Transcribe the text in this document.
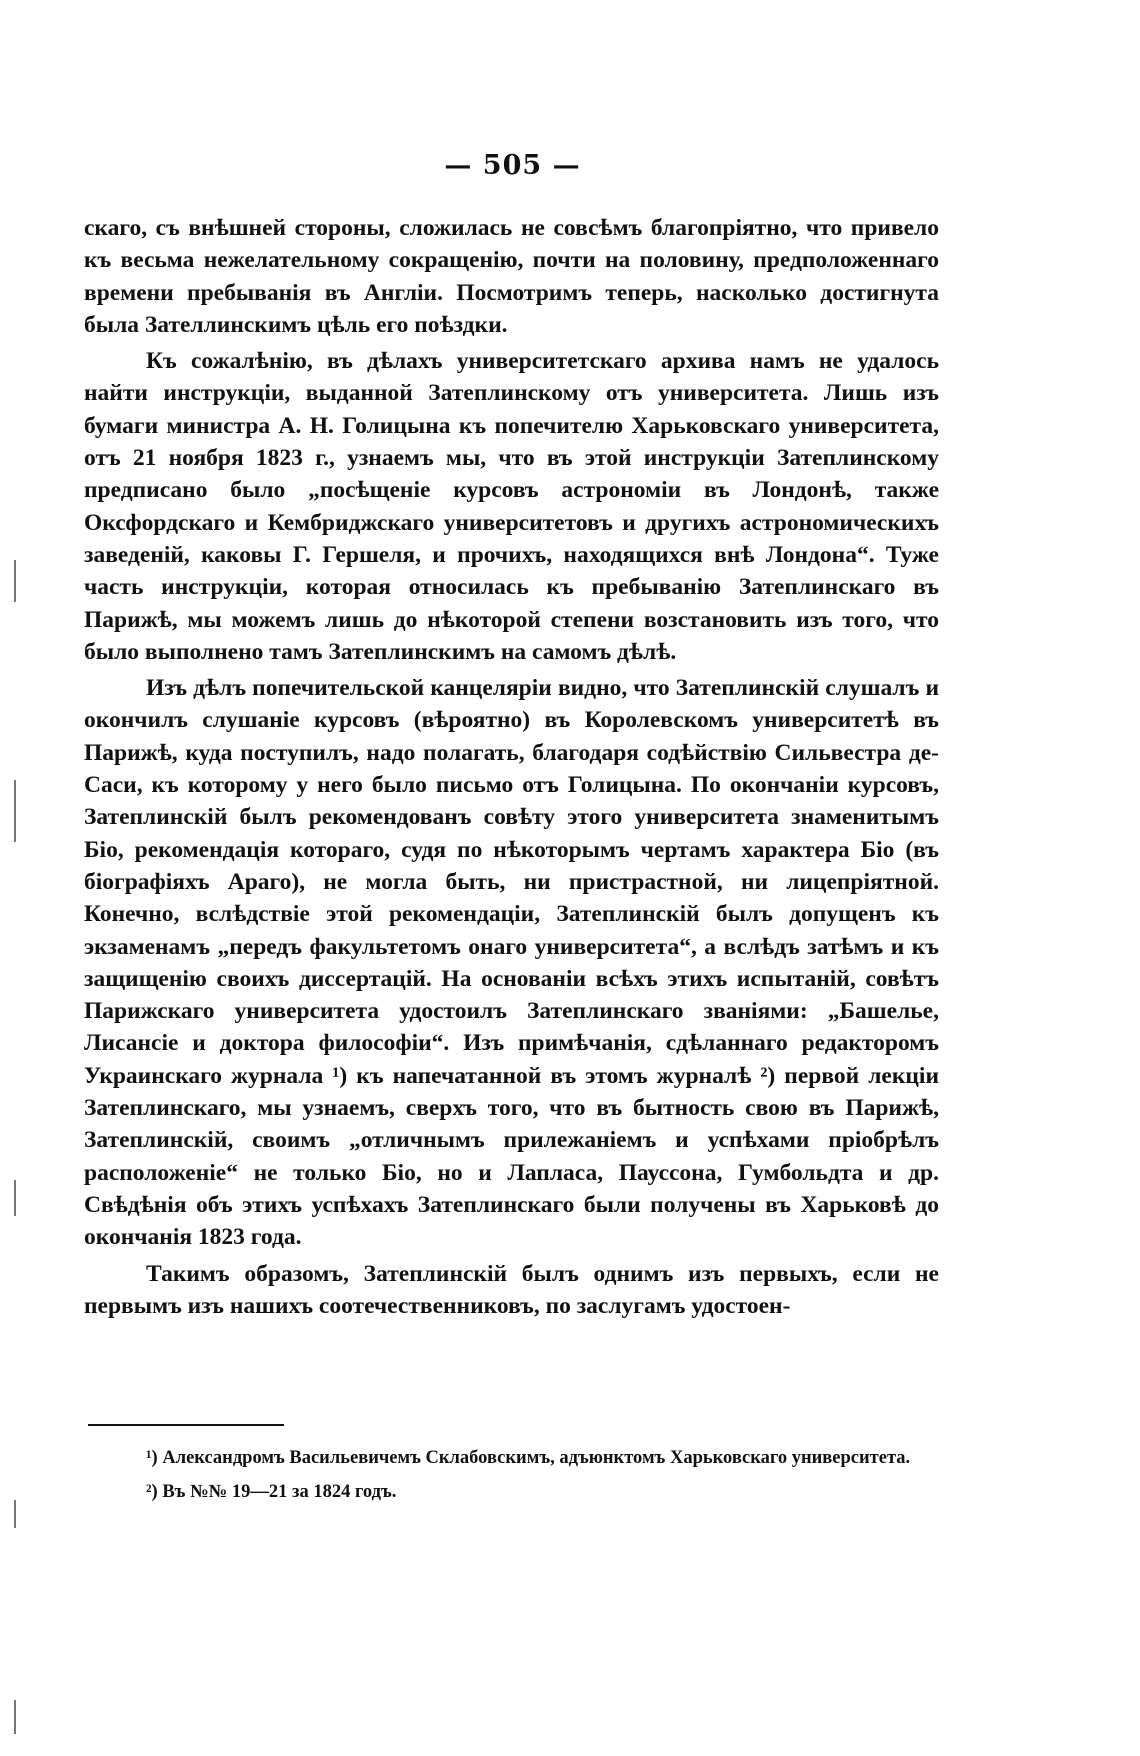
— 505 —

скаго, съ внѣшней стороны, сложилась не совсѣмъ благопріятно, что привело къ весьма нежелательному сокращенію, почти на половину, предположеннаго времени пребыванія въ Англіи. Посмотримъ теперь, насколько достигнута была Зателлинскимъ цѣль его поѣздки.

Къ сожалѣнію, въ дѣлахъ университетскаго архива намъ не удалось найти инструкціи, выданной Затеплинскому отъ университета. Лишь изъ бумаги министра А. Н. Голицына къ попечителю Харьковскаго университета, отъ 21 ноября 1823 г., узнаемъ мы, что въ этой инструкціи Затеплинскому предписано было „посѣщеніе курсовъ астрономіи въ Лондонѣ, также Оксфордскаго и Кембриджскаго университетовъ и другихъ астрономическихъ заведеній, каковы Г. Гершеля, и прочихъ, находящихся внѣ Лондона“. Туже часть инструкціи, которая относилась къ пребыванію Затеплинскаго въ Парижѣ, мы можемъ лишь до нѣкоторой степени возстановить изъ того, что было выполнено тамъ Затеплинскимъ на самомъ дѣлѣ.

Изъ дѣлъ попечительской канцеляріи видно, что Затеплинскій слушалъ и окончилъ слушаніе курсовъ (вѣроятно) въ Королевскомъ университетѣ въ Парижѣ, куда поступилъ, надо полагать, благодаря содѣйствію Сильвестра де-Саси, къ которому у него было письмо отъ Голицына. По окончаніи курсовъ, Затеплинскій былъ рекомендованъ совѣту этого университета знаменитымъ Біо, рекомендація котораго, судя по нѣкоторымъ чертамъ характера Біо (въ біографіяхъ Араго), не могла быть, ни пристрастной, ни лицепріятной. Конечно, вслѣдствіе этой рекомендаціи, Затеплинскій былъ допущенъ къ экзаменамъ „передъ факультетомъ онаго университета“, а вслѣдъ затѣмъ и къ защищенію своихъ диссертацій. На основаніи всѣхъ этихъ испытаній, совѣтъ Парижскаго университета удостоилъ Затеплинскаго званіями: „Башелье, Лисансіе и доктора философіи“. Изъ примѣчанія, сдѣланнаго редакторомъ Украинскаго журнала ¹) къ напечатанной въ этомъ журналѣ ²) первой лекціи Затеплинскаго, мы узнаемъ, сверхъ того, что въ бытность свою въ Парижѣ, Затеплинскій, своимъ „отличнымъ прилежаніемъ и успѣхами пріобрѣлъ расположеніе“ не только Біо, но и Лапласа, Пауссона, Гумбольдта и др. Свѣдѣнія объ этихъ успѣхахъ Затеплинскаго были получены въ Харьковѣ до окончанія 1823 года.

Такимъ образомъ, Затеплинскій былъ однимъ изъ первыхъ, если не первымъ изъ нашихъ соотечественниковъ, по заслугамъ удостоен-

¹) Александромъ Васильевичемъ Склабовскимъ, адъюнктомъ Харьковскаго университета.

²) Въ №№ 19—21 за 1824 годъ.
